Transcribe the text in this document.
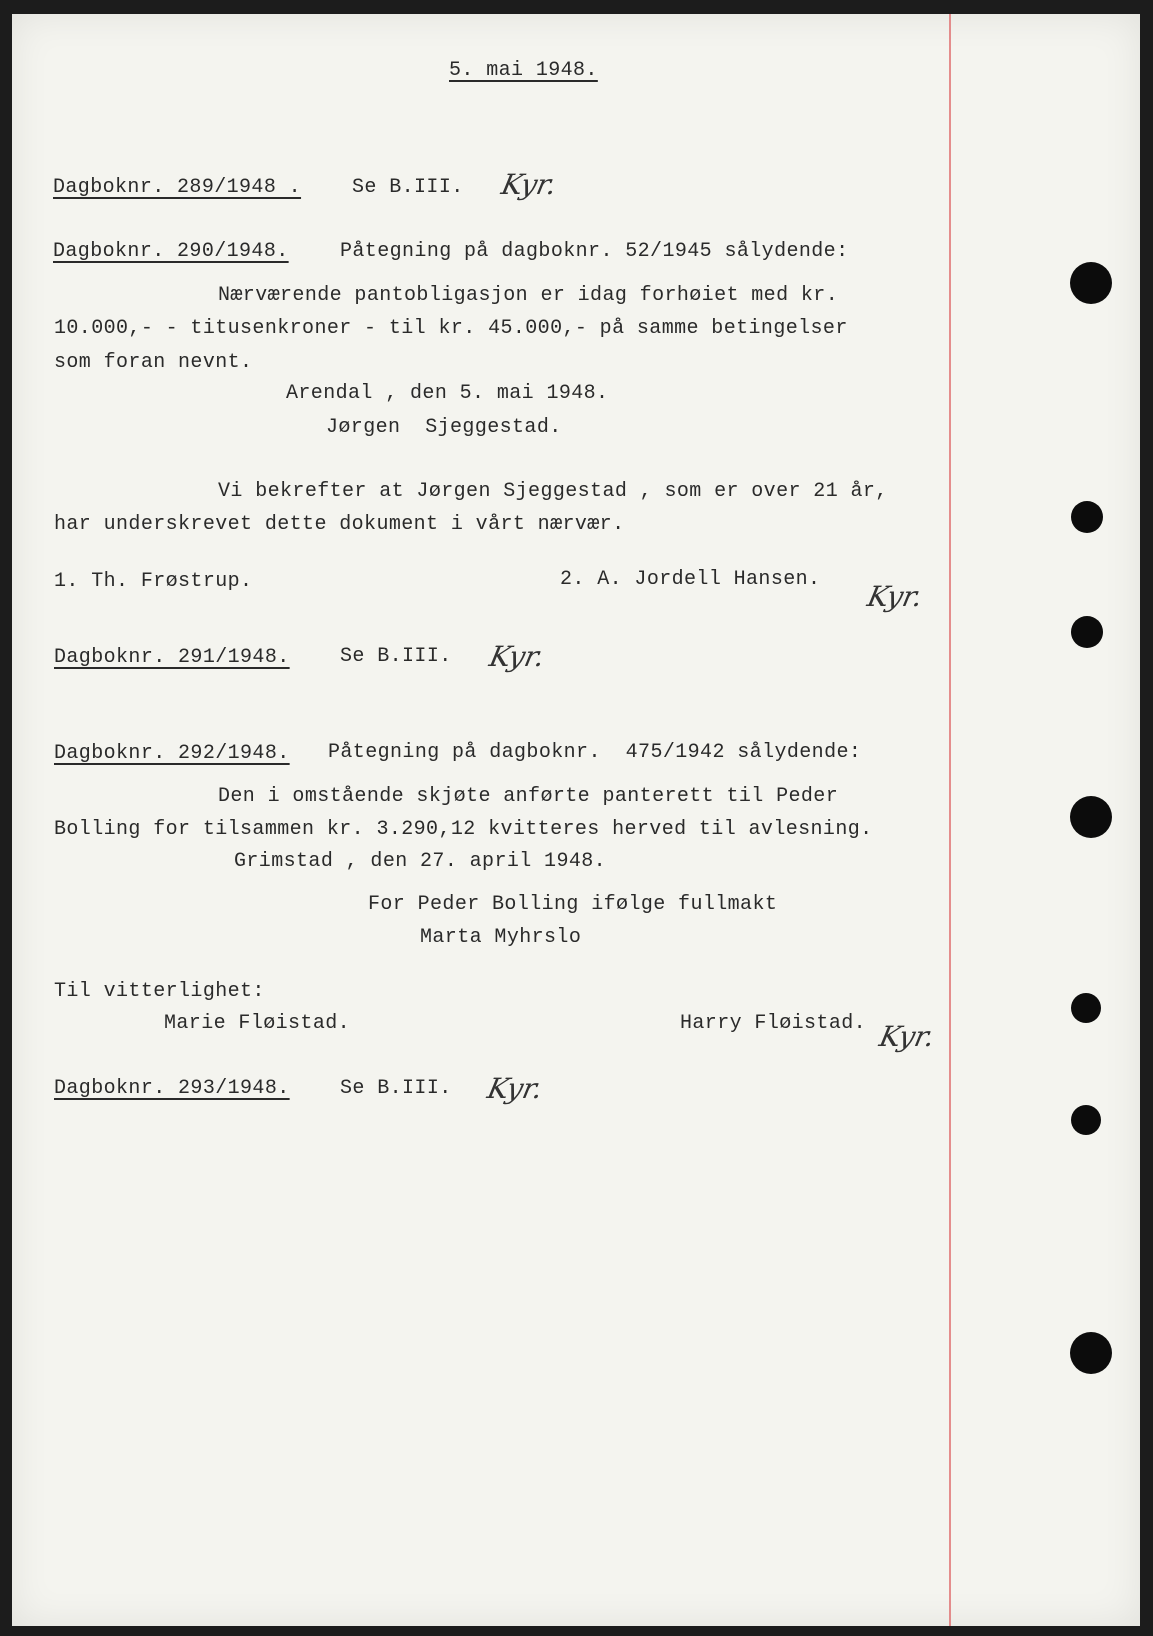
5. mai 1948.
Dagboknr. 289/1948 .	Se B.III. Kyr.
Dagboknr. 290/1948.	Påtegning på dagboknr. 52/1945 sålydende:
Nærværende pantobligasjon er idag forhøiet med kr.
10.000,- - titusenkroner - til kr. 45.000,- på samme betingelser
som foran nevnt.
Arendal , den 5. mai 1948.
Jørgen  Sjeggestad.
Vi bekrefter at Jørgen Sjeggestad , som er over 21 år,
har underskrevet dette dokument i vårt nærvær.
1. Th. Frøstrup.	2. A. Jordell Hansen.
Kyr.
Dagboknr. 291/1948.	Se B.III. Kyr.
Dagboknr. 292/1948. Påtegning på dagboknr.  475/1942 sålydende:
Den i omstående skjøte anførte panterett til Peder
Bolling for tilsammen kr. 3.290,12 kvitteres herved til avlesning.
Grimstad , den 27. april 1948.
For Peder Bolling ifølge fullmakt
Marta Myhrslo
Til vitterlighet:
Marie Fløistad.	Harry Fløistad. Kyr.
Dagboknr. 293/1948.	Se B.III. Kyr.
